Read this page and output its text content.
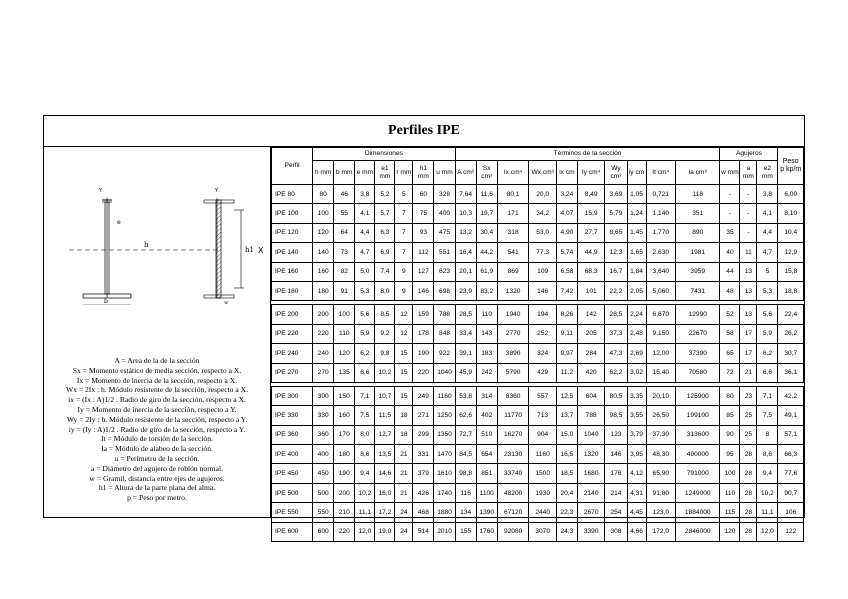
Perfiles IPE
e
h
b
Y
h1 X
Y
w
A = Area de la de la sección
Sx = Momento estático de media sección, respecto a X.
Ix = Momento de inercia de la sección, respecto a X.
Wx = 2Ix : h. Módulo resistente de la sección, respecto a X.
ix = (Ix : A)1/2 . Radio de giro de la sección, respecto a X.
Iy = Momento de inercia de la sección, respecto a Y.
Wy = 2Iy : b. Módulo resistente de la sección, respecto a Y.
iy = (Iy : A)1/2 . Radio de giro de la sección, respecto a Y.
It = Módulo de torsión de la sección.
Ia = Módulo de alabeo de la sección.
u = Perímetro de la sección.
a = Diámetro del agujero de roblón normal.
w = Gramil, distancia entre ejes de agujeros.
h1 = Altura de la parte plana del alma.
p = Peso por metro.
Perfil	Dimensiones							Términos de la sección										Agujeros			Peso
p kp/m

	h mm	b mm	e mm	e1 mm	r mm	h1 mm	u mm	A cm²	Sx cm³	Ix cm⁴	Wx cm³	ix cm	Iy cm⁴	Wy cm³	iy cm	It cm⁴	Ia cm⁶	w mm	a mm	e2 mm	
IPE 80	80	46	3,8	5,2	5	60	328	7,64	11,6	80,1	20,0	3,24	8,49	3,69	1,05	0,721	118	-	-	3,8	6,00
IPE 100	100	55	4,1	5,7	7	75	400	10,3	19,7	171	34,2	4,07	15,9	5,79	1,24	1,140	351	-	-	4,1	8,10
IPE 120	120	64	4,4	6,3	7	93	475	13,2	30,4	318	53,0	4,90	27,7	8,65	1,45	1,770	890	35	-	4,4	10,4
IPE 140	140	73	4,7	6,9	7	112	551	16,4	44,2	541	77,3	5,74	44,9	12,3	1,65	2,630	1981	40	11	4,7	12,9
IPE 160	160	82	5,0	7,4	9	127	623	20,1	61,9	869	109	6,58	68,3	16,7	1,84	3,640	3959	44	13	5	15,8
IPE 180	180	91	5,3	8,0	9	146	698	23,9	83,2	1320	146	7,42	101	22,2	2,05	5,060	7431	48	13	5,3	18,8

IPE 200	200	100	5,6	8,5	12	159	788	28,5	110	1940	194	8,26	142	28,5	2,24	6,670	12990	52	13	5,6	22,4
IPE 220	220	110	5,9	9,2	12	178	848	33,4	143	2770	252	9,11	205	37,3	2,48	9,150	22670	58	17	5,9	26,2
IPE 240	240	120	6,2	9,8	15	190	922	39,1	183	3890	324	9,97	284	47,3	2,69	12,00	37390	65	17	6,2	30,7
IPE 270	270	135	6,6	10,2	15	220	1040	45,9	242	5790	429	11,2	420	62,2	3,02	15,40	70580	72	21	6,6	36,1

IPE 300	300	150	7,1	10,7	15	249	1160	53,8	314	8360	557	12,5	604	80,5	3,35	20,10	125900	80	23	7,1	42,2
IPE 330	330	160	7,5	11,5	18	271	1250	62,6	402	11770	713	13,7	788	98,5	3,55	26,50	199100	85	25	7,5	49,1
IPE 360	360	170	8,0	12,7	18	299	1350	72,7	510	16270	904	15,0	1040	123	3,79	37,30	313600	90	25	8	57,1
IPE 400	400	180	8,6	13,5	21	331	1470	84,5	654	23130	1160	16,5	1320	146	3,95	48,30	490000	95	28	8,6	66,3
IPE 450	450	190	9,4	14,6	21	379	1610	98,8	851	33740	1500	18,5	1680	176	4,12	65,90	791000	100	28	9,4	77,6
IPE 500	500	200	10,2	16,0	21	426	1740	116	1100	48200	1930	20,4	2140	214	4,31	91,80	1249000	110	28	10,2	90,7
IPE 550	550	210	11,1	17,2	24	468	1880	134	1390	67120	2440	22,3	2670	254	4,45	123,0	1884000	115	28	11,1	106
IPE 600	600	220	12,0	19,0	24	514	2010	155	1760	92080	3070	24,3	3390	308	4,66	172,0	2846000	120	28	12,0	122
